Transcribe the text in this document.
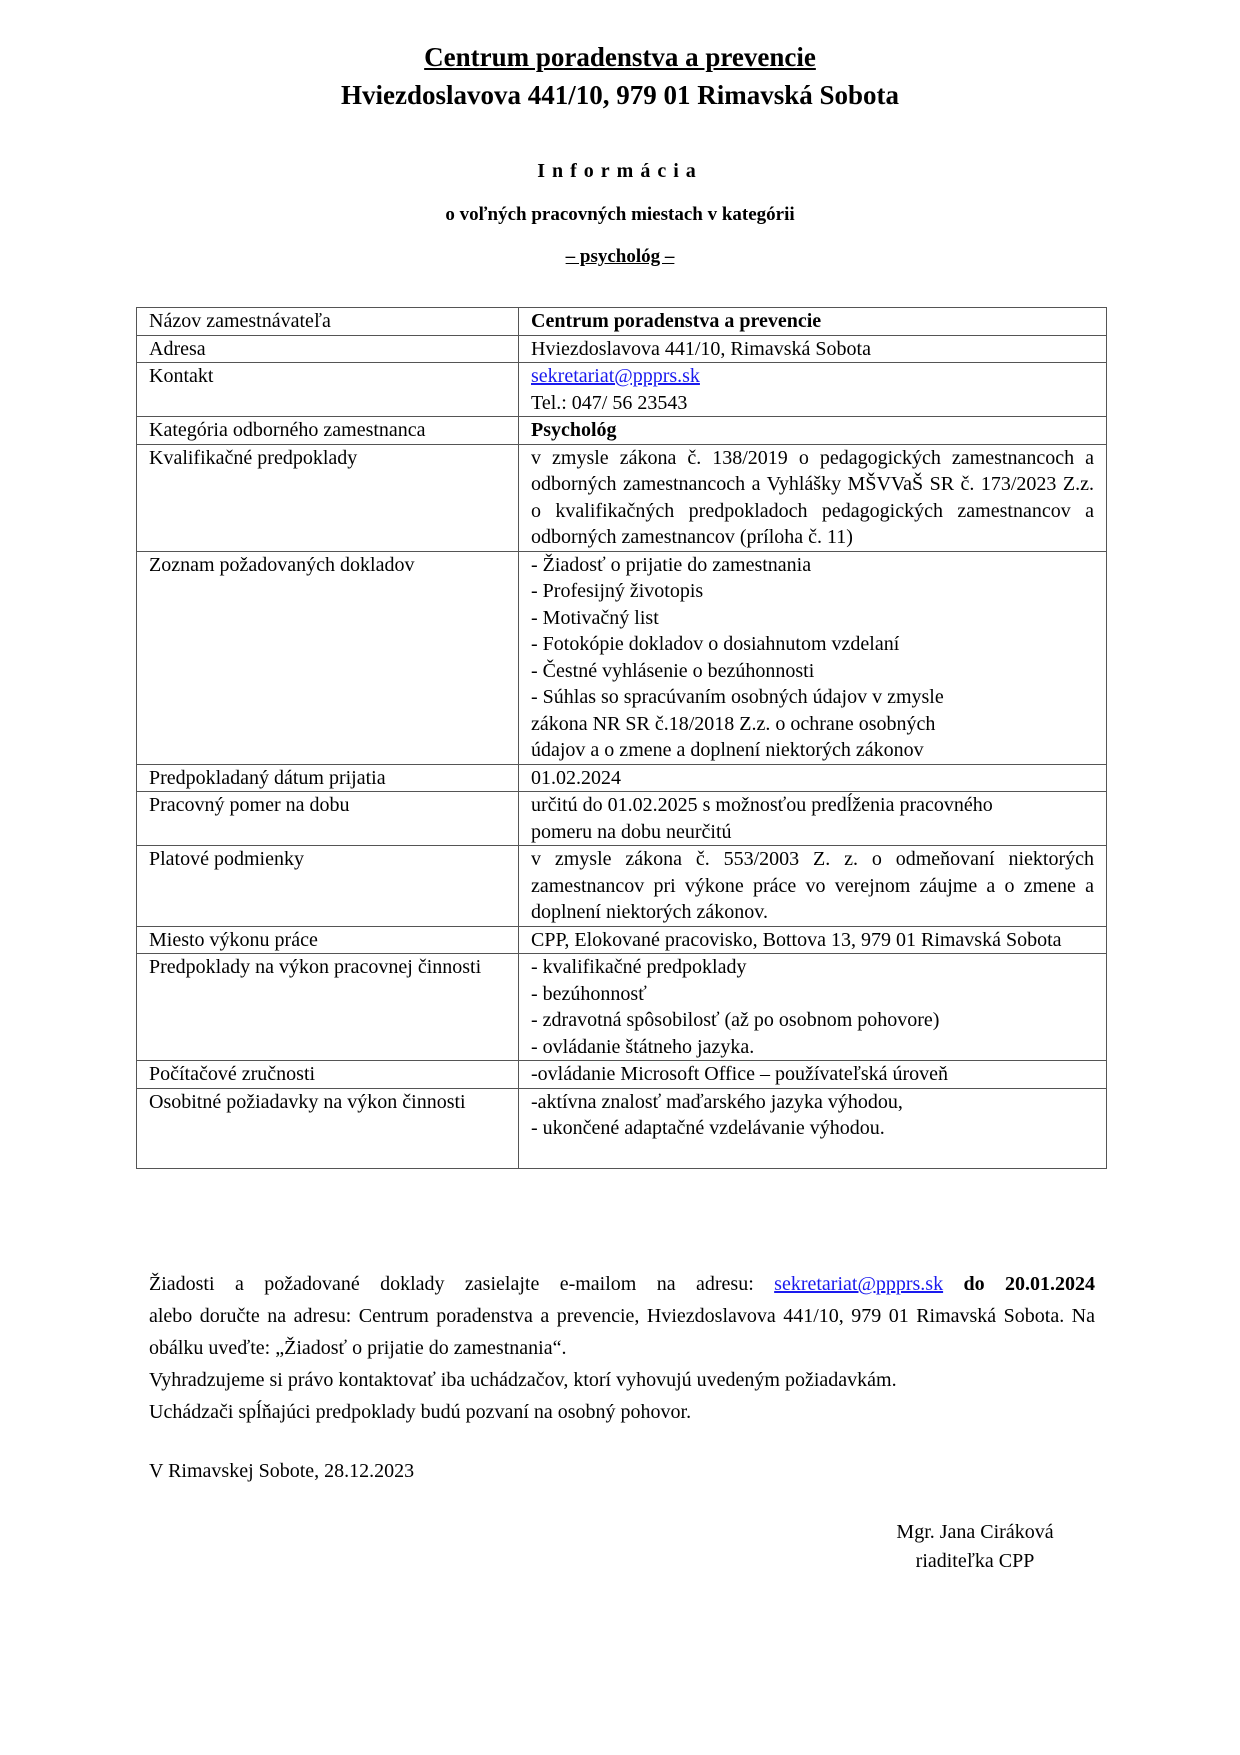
Centrum poradenstva a prevencie
Hviezdoslavova 441/10, 979 01 Rimavská Sobota
Informácia
o voľných pracovných miestach v kategórii
– psychológ –
Názov zamestnávateľa	Centrum poradenstva a prevencie
Adresa	Hviezdoslavova 441/10, Rimavská Sobota
Kontakt	sekretariat@ppprs.sk
Tel.: 047/ 56 23543

Kategória odborného zamestnanca	Psychológ
Kvalifikačné predpoklady	v zmysle zákona č. 138/2019 o pedagogických zamestnancoch a odborných zamestnancoch a Vyhlášky MŠVVaŠ SR č. 173/2023 Z.z. o kvalifikačných predpokladoch pedagogických zamestnancov a odborných zamestnancov (príloha č. 11)
Zoznam požadovaných dokladov	- Žiadosť o prijatie do zamestnania
- Profesijný životopis
- Motivačný list
- Fotokópie dokladov o dosiahnutom vzdelaní
- Čestné vyhlásenie o bezúhonnosti
- Súhlas so spracúvaním osobných údajov v zmysle
zákona NR SR č.18/2018 Z.z. o ochrane osobných
údajov a o zmene a doplnení niektorých zákonov

Predpokladaný dátum prijatia	01.02.2024
Pracovný pomer na dobu	určitú do 01.02.2025 s možnosťou predĺženia pracovného
pomeru na dobu neurčitú

Platové podmienky	v zmysle zákona č. 553/2003 Z. z. o odmeňovaní niektorých zamestnancov pri výkone práce vo verejnom záujme a o zmene a doplnení niektorých zákonov.
Miesto výkonu práce	CPP, Elokované pracovisko, Bottova 13, 979 01 Rimavská Sobota
Predpoklady na výkon pracovnej činnosti	- kvalifikačné predpoklady
- bezúhonnosť
- zdravotná spôsobilosť (až po osobnom pohovore)
- ovládanie štátneho jazyka.

Počítačové zručnosti	-ovládanie Microsoft Office – používateľská úroveň
Osobitné požiadavky na výkon činnosti	-aktívna znalosť maďarského jazyka výhodou,
- ukončené adaptačné vzdelávanie výhodou.
Žiadosti a požadované doklady zasielajte e-mailom na adresu: sekretariat@ppprs.sk do 20.01.2024
alebo doručte na adresu: Centrum poradenstva a prevencie, Hviezdoslavova 441/10, 979 01 Rimavská Sobota. Na obálku uveďte: „Žiadosť o prijatie do zamestnania“.
Vyhradzujeme si právo kontaktovať iba uchádzačov, ktorí vyhovujú uvedeným požiadavkám.
Uchádzači spĺňajúci predpoklady budú pozvaní na osobný pohovor.
V Rimavskej Sobote, 28.12.2023
Mgr. Jana Ciráková
riaditeľka CPP
